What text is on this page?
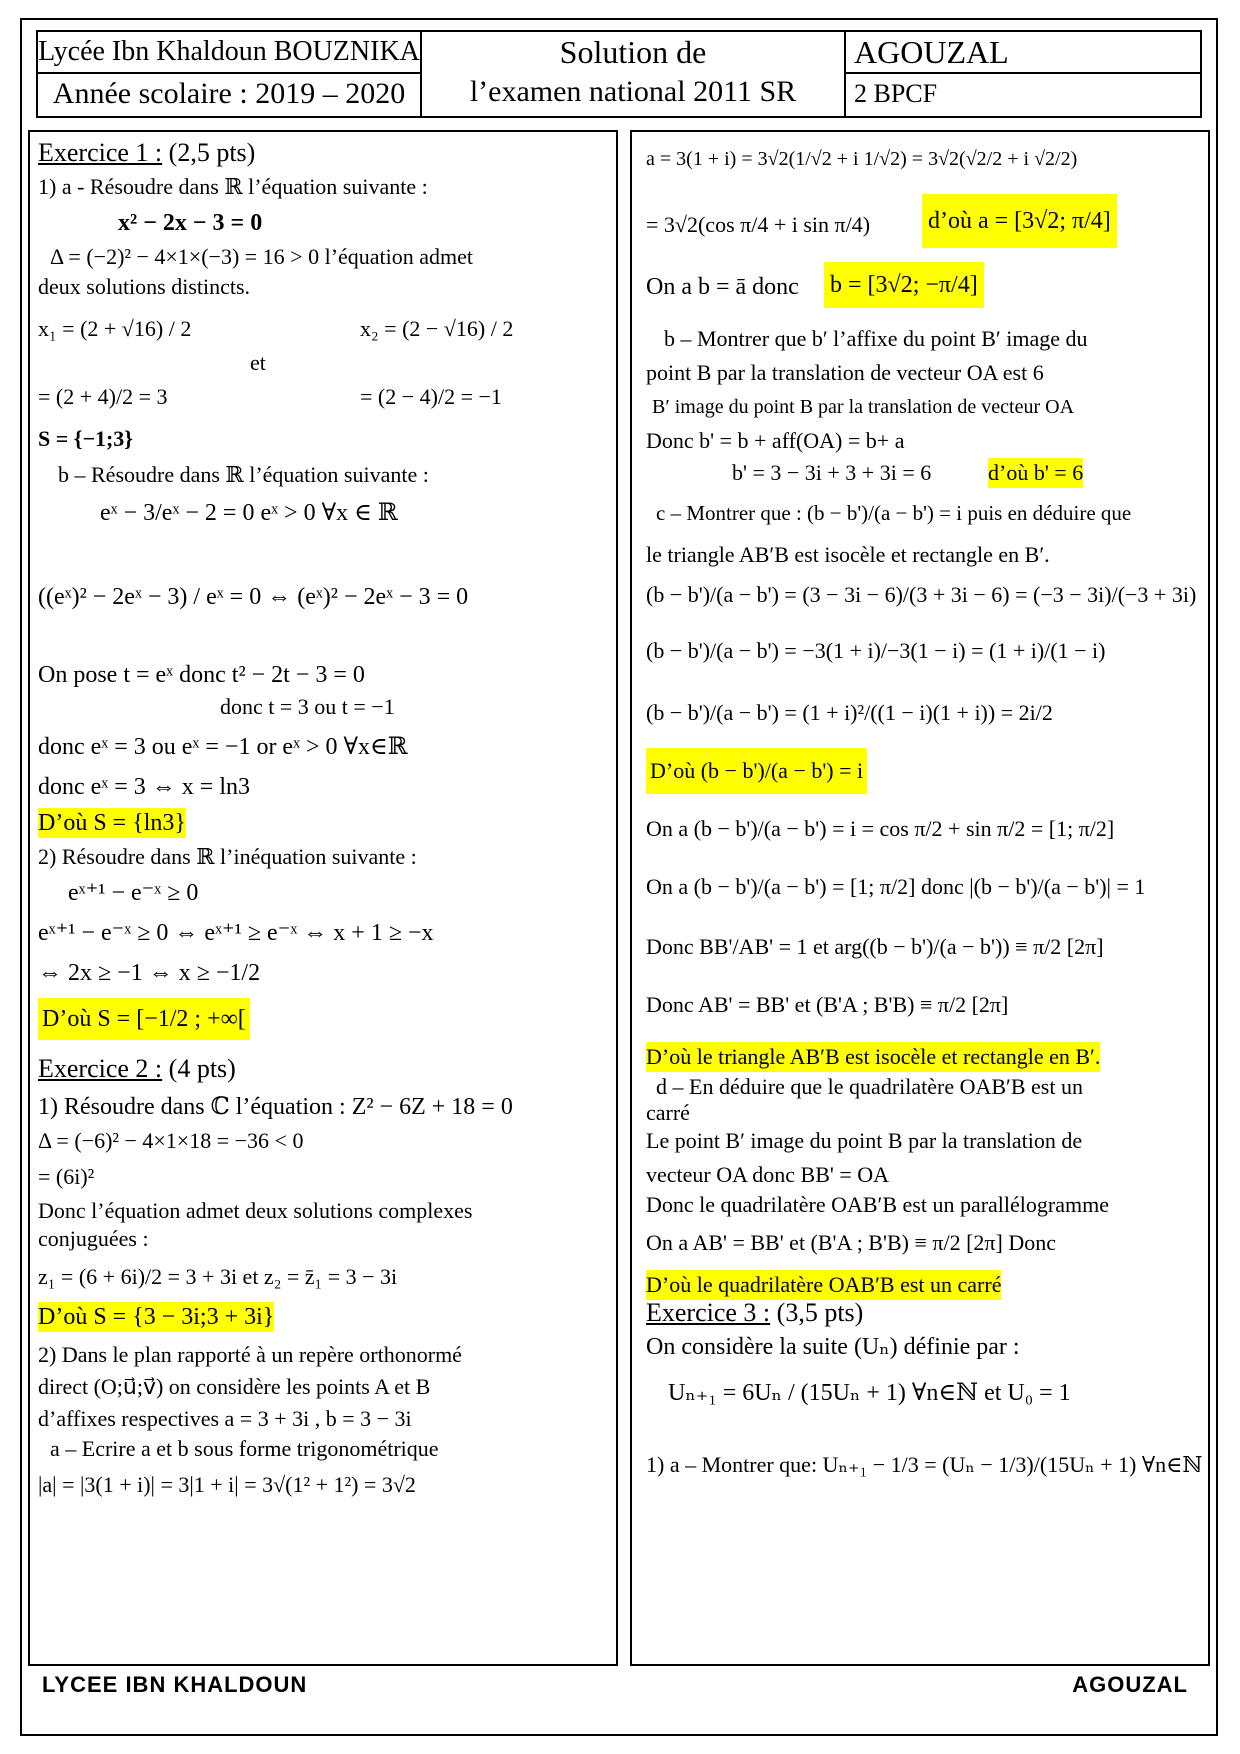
Lycée Ibn Khaldoun BOUZNIKA
Année scolaire : 2019 – 2020
Solution de
l’examen national 2011 SR
AGOUZAL
2 BPCF
Exercice 1 : (2,5 pts)
1) a - Résoudre dans ℝ l’équation suivante :
x² − 2x − 3 = 0
Δ = (−2)² − 4×1×(−3) = 16 > 0 l’équation admet
deux solutions distincts.
x₁ = (2 + √16) / 2	x₂ = (2 − √16) / 2
et
= (2 + 4)/2 = 3	= (2 − 4)/2 = −1
S = {−1;3}
b – Résoudre dans ℝ l’équation suivante :
eˣ − 3/eˣ − 2 = 0 eˣ > 0 ∀x ∈ ℝ
((eˣ)² − 2eˣ − 3) / eˣ = 0 ⇔ (eˣ)² − 2eˣ − 3 = 0
On pose t = eˣ donc t² − 2t − 3 = 0
donc t = 3 ou t = −1
donc eˣ = 3 ou eˣ = −1 or eˣ > 0 ∀x∈ℝ
donc eˣ = 3 ⇔ x = ln3
D’où S = {ln3}
2) Résoudre dans ℝ l’inéquation suivante :
eˣ⁺¹ − e⁻ˣ ≥ 0
eˣ⁺¹ − e⁻ˣ ≥ 0 ⇔ eˣ⁺¹ ≥ e⁻ˣ ⇔ x + 1 ≥ −x
⇔ 2x ≥ −1 ⇔ x ≥ −1/2
D’où S = [−1/2 ; +∞[
Exercice 2 : (4 pts)
1) Résoudre dans ℂ l’équation : Z² − 6Z + 18 = 0
Δ = (−6)² − 4×1×18 = −36 < 0
= (6i)²
Donc l’équation admet deux solutions complexes
conjuguées :
z₁ = (6 + 6i)/2 = 3 + 3i et z₂ = z̄₁ = 3 − 3i
D’où S = {3 − 3i;3 + 3i}
2) Dans le plan rapporté à un repère orthonormé
direct (O;u⃗;v⃗) on considère les points A et B
d’affixes respectives a = 3 + 3i , b = 3 − 3i
a – Ecrire a et b sous forme trigonométrique
|a| = |3(1 + i)| = 3|1 + i| = 3√(1² + 1²) = 3√2
a = 3(1 + i) = 3√2(1/√2 + i 1/√2) = 3√2(√2/2 + i √2/2)
= 3√2(cos π/4 + i sin π/4) d’où a = [3√2; π/4]
On a b = ā donc b = [3√2; −π/4]
b – Montrer que b′ l’affixe du point B′ image du
point B par la translation de vecteur OA est 6
B′ image du point B par la translation de vecteur OA
Donc b' = b + aff(OA) = b+ a
b' = 3 − 3i + 3 + 3i = 6	d’où b' = 6
c – Montrer que : (b − b')/(a − b') = i puis en déduire que
le triangle AB′B est isocèle et rectangle en B′.
(b − b')/(a − b') = (3 − 3i − 6)/(3 + 3i − 6) = (−3 − 3i)/(−3 + 3i)
(b − b')/(a − b') = −3(1 + i)/−3(1 − i) = (1 + i)/(1 − i)
(b − b')/(a − b') = (1 + i)²/((1 − i)(1 + i)) = 2i/2
D’où (b − b')/(a − b') = i
On a (b − b')/(a − b') = i = cos π/2 + sin π/2 = [1; π/2]
On a (b − b')/(a − b') = [1; π/2] donc |(b − b')/(a − b')| = 1
Donc BB'/AB' = 1 et arg((b − b')/(a − b')) ≡ π/2 [2π]
Donc AB' = BB' et (B'A ; B'B) ≡ π/2 [2π]
D’où le triangle AB′B est isocèle et rectangle en B′.
d – En déduire que le quadrilatère OAB′B est un
carré
Le point B′ image du point B par la translation de
vecteur OA donc BB' = OA
Donc le quadrilatère OAB′B est un parallélogramme
On a AB' = BB' et (B'A ; B'B) ≡ π/2 [2π] Donc
D’où le quadrilatère OAB′B est un carré
Exercice 3 : (3,5 pts)
On considère la suite (Uₙ) définie par :
Uₙ₊₁ = 6Uₙ / (15Uₙ + 1) ∀n∈ℕ et U₀ = 1
1) a – Montrer que: Uₙ₊₁ − 1/3 = (Uₙ − 1/3)/(15Uₙ + 1) ∀n∈ℕ
LYCEE IBN KHALDOUN	AGOUZAL
